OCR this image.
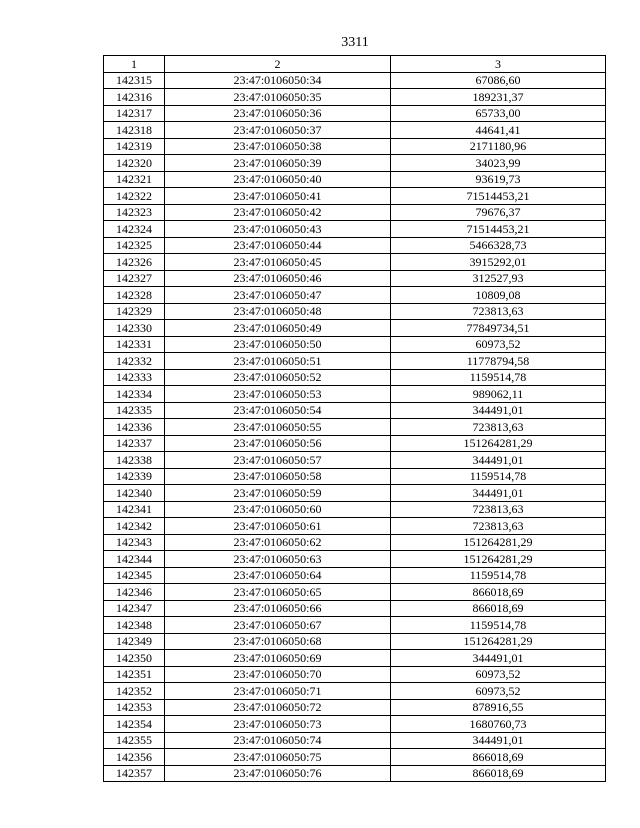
3311
1	2	3
142315	23:47:0106050:34	67086,60
142316	23:47:0106050:35	189231,37
142317	23:47:0106050:36	65733,00
142318	23:47:0106050:37	44641,41
142319	23:47:0106050:38	2171180,96
142320	23:47:0106050:39	34023,99
142321	23:47:0106050:40	93619,73
142322	23:47:0106050:41	71514453,21
142323	23:47:0106050:42	79676,37
142324	23:47:0106050:43	71514453,21
142325	23:47:0106050:44	5466328,73
142326	23:47:0106050:45	3915292,01
142327	23:47:0106050:46	312527,93
142328	23:47:0106050:47	10809,08
142329	23:47:0106050:48	723813,63
142330	23:47:0106050:49	77849734,51
142331	23:47:0106050:50	60973,52
142332	23:47:0106050:51	11778794,58
142333	23:47:0106050:52	1159514,78
142334	23:47:0106050:53	989062,11
142335	23:47:0106050:54	344491,01
142336	23:47:0106050:55	723813,63
142337	23:47:0106050:56	151264281,29
142338	23:47:0106050:57	344491,01
142339	23:47:0106050:58	1159514,78
142340	23:47:0106050:59	344491,01
142341	23:47:0106050:60	723813,63
142342	23:47:0106050:61	723813,63
142343	23:47:0106050:62	151264281,29
142344	23:47:0106050:63	151264281,29
142345	23:47:0106050:64	1159514,78
142346	23:47:0106050:65	866018,69
142347	23:47:0106050:66	866018,69
142348	23:47:0106050:67	1159514,78
142349	23:47:0106050:68	151264281,29
142350	23:47:0106050:69	344491,01
142351	23:47:0106050:70	60973,52
142352	23:47:0106050:71	60973,52
142353	23:47:0106050:72	878916,55
142354	23:47:0106050:73	1680760,73
142355	23:47:0106050:74	344491,01
142356	23:47:0106050:75	866018,69
142357	23:47:0106050:76	866018,69
